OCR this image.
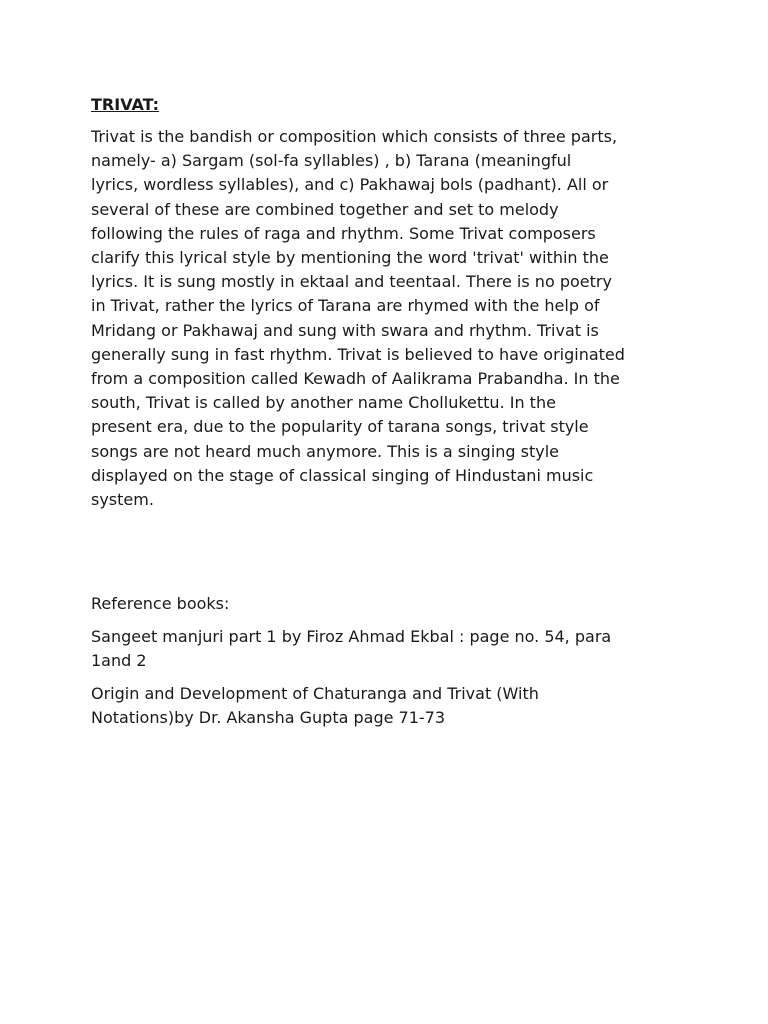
TRIVAT:

Trivat is the bandish or composition which consists of three parts,
namely- a) Sargam (sol-fa syllables) , b) Tarana (meaningful
lyrics, wordless syllables), and c) Pakhawaj bols (padhant). All or
several of these are combined together and set to melody
following the rules of raga and rhythm. Some Trivat composers
clarify this lyrical style by mentioning the word 'trivat' within the
lyrics. It is sung mostly in ektaal and teentaal. There is no poetry
in Trivat, rather the lyrics of Tarana are rhymed with the help of
Mridang or Pakhawaj and sung with swara and rhythm. Trivat is
generally sung in fast rhythm. Trivat is believed to have originated
from a composition called Kewadh of Aalikrama Prabandha. In the
south, Trivat is called by another name Chollukettu. In the
present era, due to the popularity of tarana songs, trivat style
songs are not heard much anymore. This is a singing style
displayed on the stage of classical singing of Hindustani music
system.

Reference books:

Sangeet manjuri part 1 by Firoz Ahmad Ekbal : page no. 54, para
1and 2

Origin and Development of Chaturanga and Trivat (With
Notations)by Dr. Akansha Gupta page 71-73
